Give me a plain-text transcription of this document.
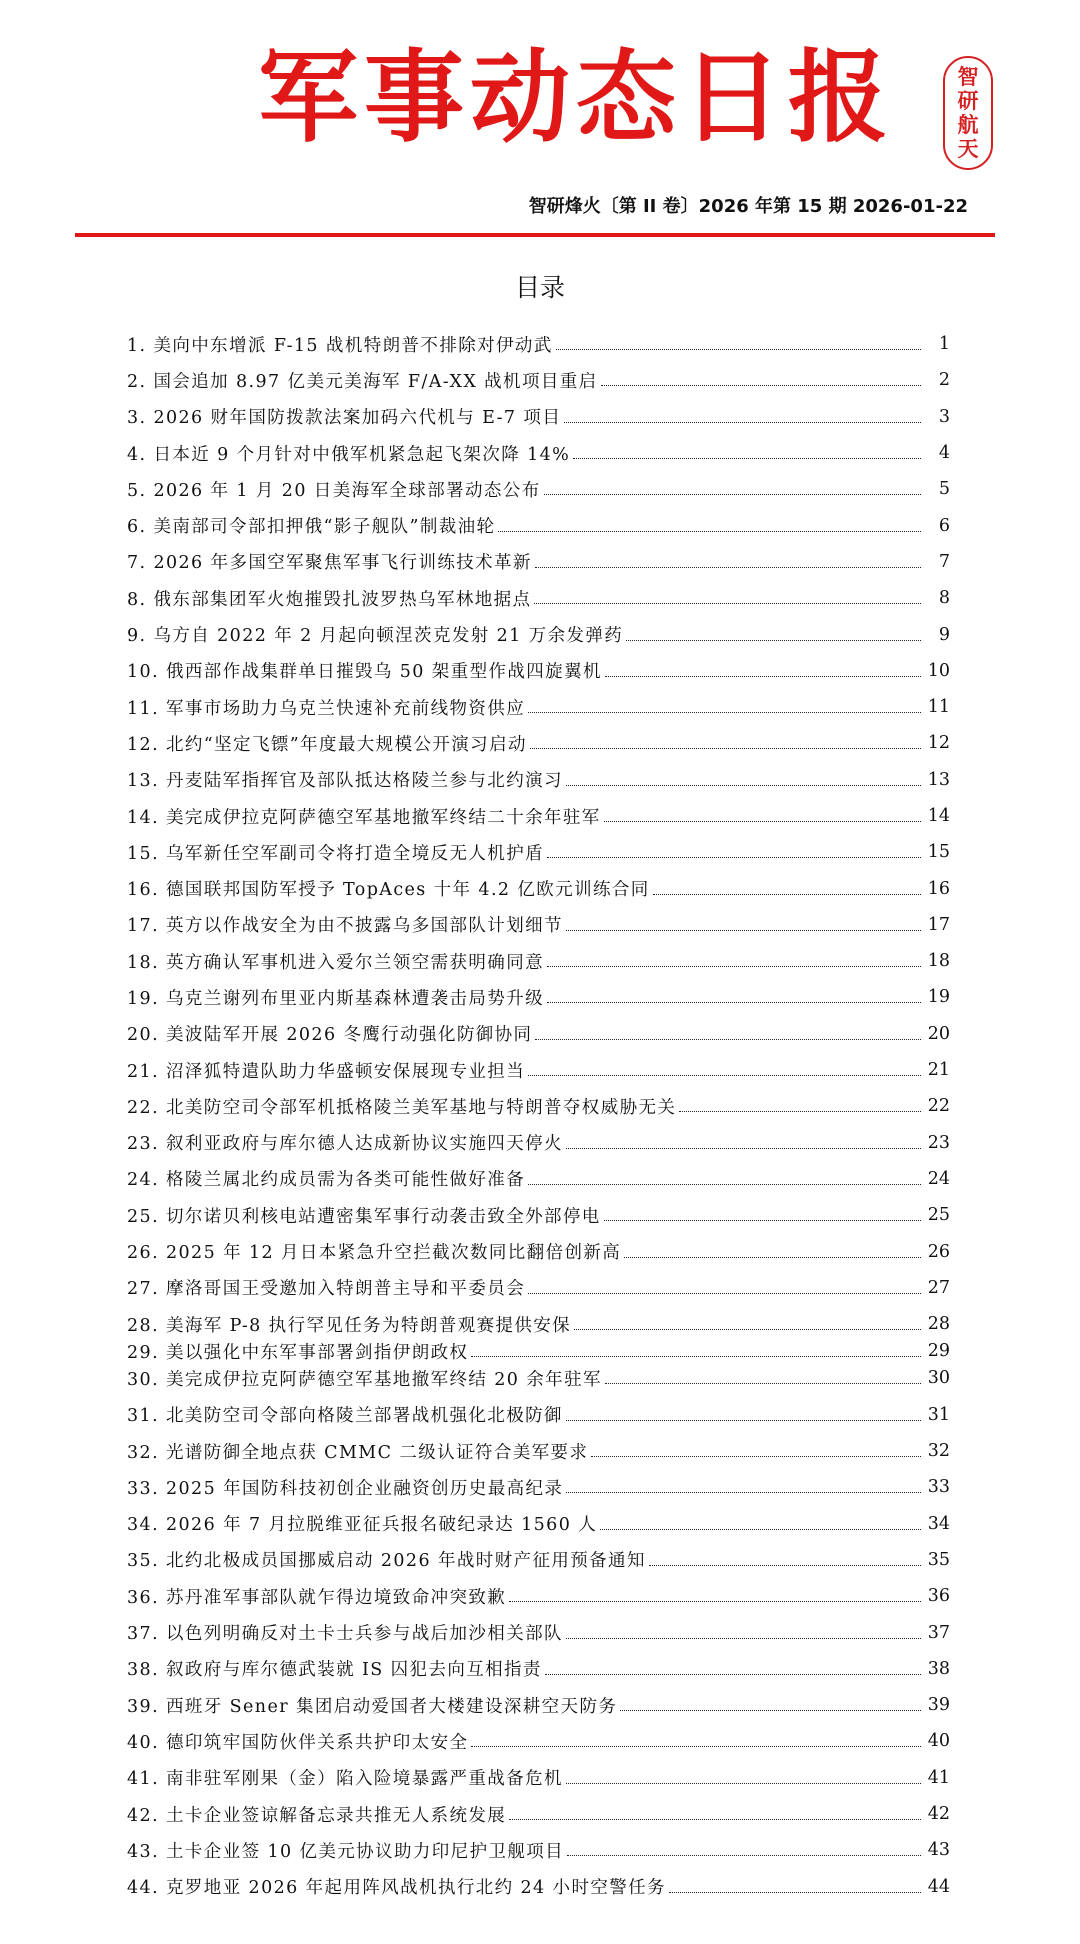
军事动态日报	智
研
航
天
智研烽火〔第 II 卷〕2026 年第 15 期 2026-01-22
目录
1. 美向中东增派 F-15 战机特朗普不排除对伊动武	1
2. 国会追加 8.97 亿美元美海军 F/A-XX 战机项目重启	2
3. 2026 财年国防拨款法案加码六代机与 E-7 项目	3
4. 日本近 9 个月针对中俄军机紧急起飞架次降 14%	4
5. 2026 年 1 月 20 日美海军全球部署动态公布	5
6. 美南部司令部扣押俄“影子舰队”制裁油轮	6
7. 2026 年多国空军聚焦军事飞行训练技术革新	7
8. 俄东部集团军火炮摧毁扎波罗热乌军林地据点	8
9. 乌方自 2022 年 2 月起向顿涅茨克发射 21 万余发弹药	9
10. 俄西部作战集群单日摧毁乌 50 架重型作战四旋翼机	10
11. 军事市场助力乌克兰快速补充前线物资供应	11
12. 北约“坚定飞镖”年度最大规模公开演习启动	12
13. 丹麦陆军指挥官及部队抵达格陵兰参与北约演习	13
14. 美完成伊拉克阿萨德空军基地撤军终结二十余年驻军	14
15. 乌军新任空军副司令将打造全境反无人机护盾	15
16. 德国联邦国防军授予 TopAces 十年 4.2 亿欧元训练合同	16
17. 英方以作战安全为由不披露乌多国部队计划细节	17
18. 英方确认军事机进入爱尔兰领空需获明确同意	18
19. 乌克兰谢列布里亚内斯基森林遭袭击局势升级	19
20. 美波陆军开展 2026 冬鹰行动强化防御协同	20
21. 沼泽狐特遣队助力华盛顿安保展现专业担当	21
22. 北美防空司令部军机抵格陵兰美军基地与特朗普夺权威胁无关	22
23. 叙利亚政府与库尔德人达成新协议实施四天停火	23
24. 格陵兰属北约成员需为各类可能性做好准备	24
25. 切尔诺贝利核电站遭密集军事行动袭击致全外部停电	25
26. 2025 年 12 月日本紧急升空拦截次数同比翻倍创新高	26
27. 摩洛哥国王受邀加入特朗普主导和平委员会	27
28. 美海军 P-8 执行罕见任务为特朗普观赛提供安保	28
29. 美以强化中东军事部署剑指伊朗政权	29
30. 美完成伊拉克阿萨德空军基地撤军终结 20 余年驻军	30
31. 北美防空司令部向格陵兰部署战机强化北极防御	31
32. 光谱防御全地点获 CMMC 二级认证符合美军要求	32
33. 2025 年国防科技初创企业融资创历史最高纪录	33
34. 2026 年 7 月拉脱维亚征兵报名破纪录达 1560 人	34
35. 北约北极成员国挪威启动 2026 年战时财产征用预备通知	35
36. 苏丹准军事部队就乍得边境致命冲突致歉	36
37. 以色列明确反对土卡士兵参与战后加沙相关部队	37
38. 叙政府与库尔德武装就 IS 囚犯去向互相指责	38
39. 西班牙 Sener 集团启动爱国者大楼建设深耕空天防务	39
40. 德印筑牢国防伙伴关系共护印太安全	40
41. 南非驻军刚果（金）陷入险境暴露严重战备危机	41
42. 土卡企业签谅解备忘录共推无人系统发展	42
43. 土卡企业签 10 亿美元协议助力印尼护卫舰项目	43
44. 克罗地亚 2026 年起用阵风战机执行北约 24 小时空警任务	44
